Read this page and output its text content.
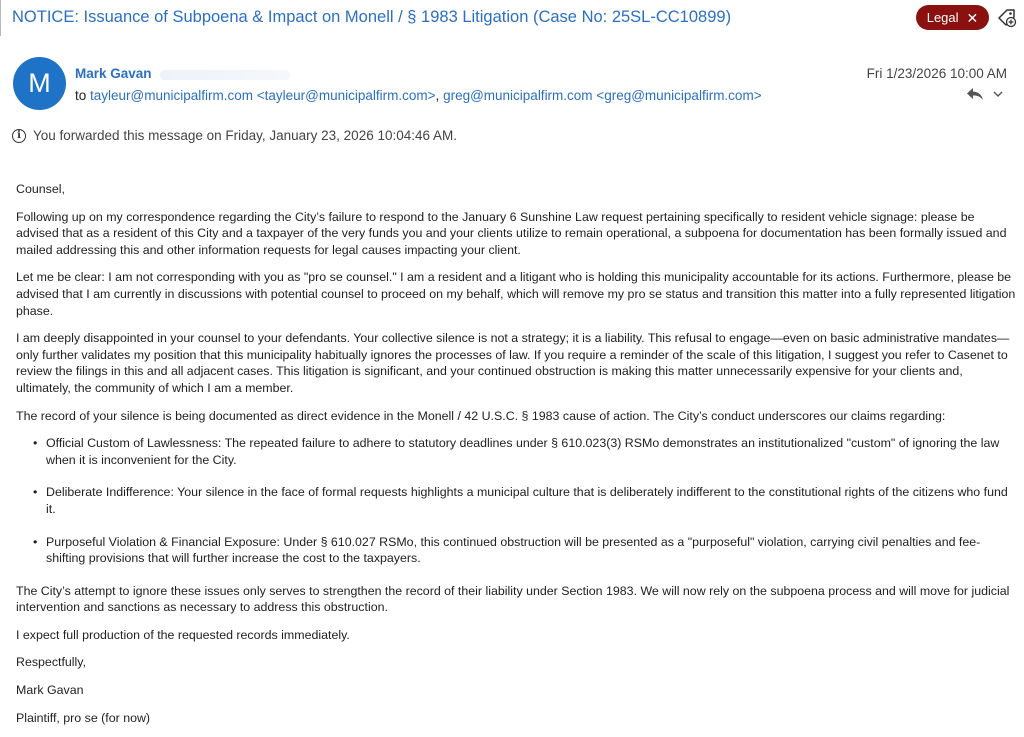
NOTICE: Issuance of Subpoena & Impact on Monell / § 1983 Litigation (Case No: 25SL-CC10899)	Legal ✕
M	Mark Gavan
to tayleur@municipalfirm.com <tayleur@municipalfirm.com>, greg@municipalfirm.com <greg@municipalfirm.com>
Fri 1/23/2026 10:00 AM
i You forwarded this message on Friday, January 23, 2026 10:04:46 AM.

Counsel,

Following up on my correspondence regarding the City’s failure to respond to the January 6 Sunshine Law request pertaining specifically to resident vehicle signage: please be advised that as a resident of this City and a taxpayer of the very funds you and your clients utilize to remain operational, a subpoena for documentation has been formally issued and mailed addressing this and other information requests for legal causes impacting your client.

Let me be clear: I am not corresponding with you as "pro se counsel." I am a resident and a litigant who is holding this municipality accountable for its actions. Furthermore, please be advised that I am currently in discussions with potential counsel to proceed on my behalf, which will remove my pro se status and transition this matter into a fully represented litigation phase.

I am deeply disappointed in your counsel to your defendants. Your collective silence is not a strategy; it is a liability. This refusal to engage—even on basic administrative mandates—only further validates my position that this municipality habitually ignores the processes of law. If you require a reminder of the scale of this litigation, I suggest you refer to Casenet to review the filings in this and all adjacent cases. This litigation is significant, and your continued obstruction is making this matter unnecessarily expensive for your clients and, ultimately, the community of which I am a member.

The record of your silence is being documented as direct evidence in the Monell / 42 U.S.C. § 1983 cause of action. The City’s conduct underscores our claims regarding:

• Official Custom of Lawlessness: The repeated failure to adhere to statutory deadlines under § 610.023(3) RSMo demonstrates an institutionalized "custom" of ignoring the law when it is inconvenient for the City.
• Deliberate Indifference: Your silence in the face of formal requests highlights a municipal culture that is deliberately indifferent to the constitutional rights of the citizens who fund it.
• Purposeful Violation & Financial Exposure: Under § 610.027 RSMo, this continued obstruction will be presented as a "purposeful" violation, carrying civil penalties and fee-shifting provisions that will further increase the cost to the taxpayers.

The City’s attempt to ignore these issues only serves to strengthen the record of their liability under Section 1983. We will now rely on the subpoena process and will move for judicial intervention and sanctions as necessary to address this obstruction.

I expect full production of the requested records immediately.

Respectfully,

Mark Gavan

Plaintiff, pro se (for now)
